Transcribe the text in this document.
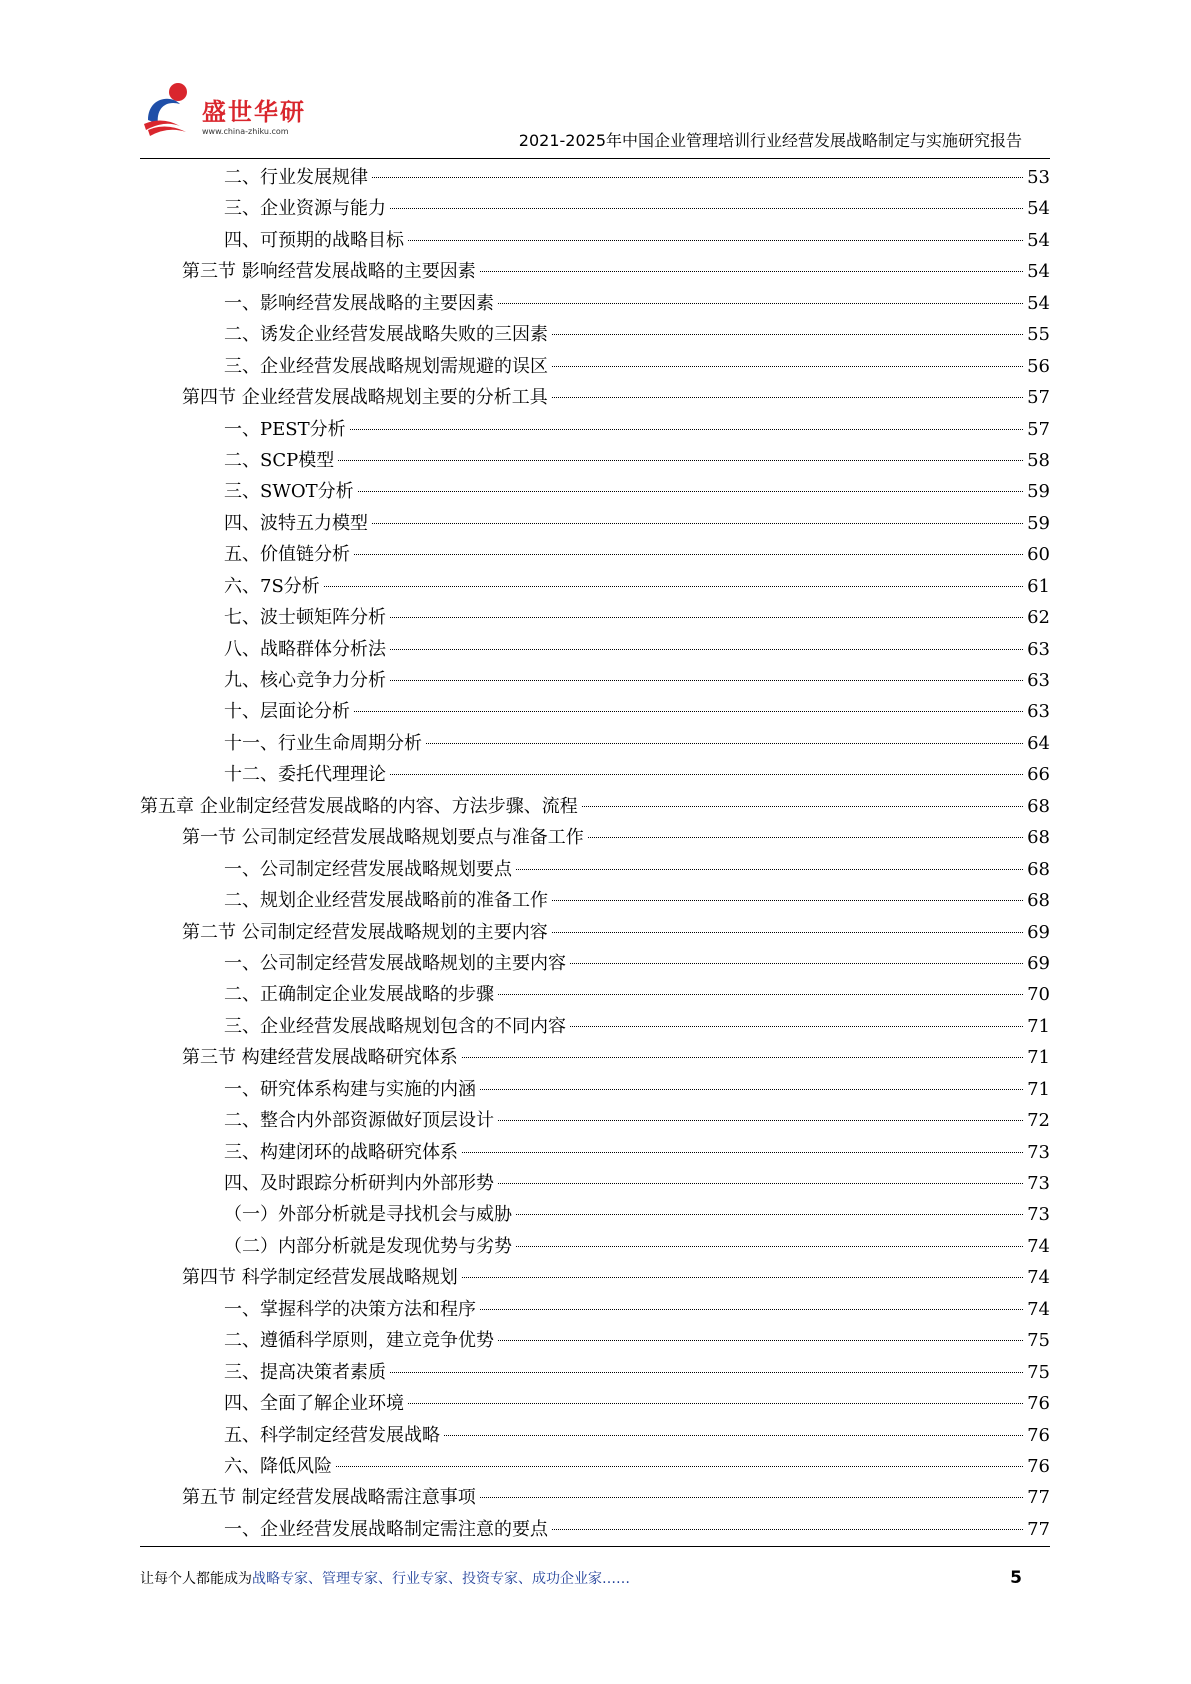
盛世华研
www.china-zhiku.com	2021-2025年中国企业管理培训行业经营发展战略制定与实施研究报告
二、行业发展规律	53
三、企业资源与能力	54
四、可预期的战略目标	54
第三节 影响经营发展战略的主要因素	54
一、影响经营发展战略的主要因素	54
二、诱发企业经营发展战略失败的三因素	55
三、企业经营发展战略规划需规避的误区	56
第四节 企业经营发展战略规划主要的分析工具	57
一、PEST分析	57
二、SCP模型	58
三、SWOT分析	59
四、波特五力模型	59
五、价值链分析	60
六、7S分析	61
七、波士顿矩阵分析	62
八、战略群体分析法	63
九、核心竞争力分析	63
十、层面论分析	63
十一、行业生命周期分析	64
十二、委托代理理论	66
第五章 企业制定经营发展战略的内容、方法步骤、流程	68
第一节 公司制定经营发展战略规划要点与准备工作	68
一、公司制定经营发展战略规划要点	68
二、规划企业经营发展战略前的准备工作	68
第二节 公司制定经营发展战略规划的主要内容	69
一、公司制定经营发展战略规划的主要内容	69
二、正确制定企业发展战略的步骤	70
三、企业经营发展战略规划包含的不同内容	71
第三节 构建经营发展战略研究体系	71
一、研究体系构建与实施的内涵	71
二、整合内外部资源做好顶层设计	72
三、构建闭环的战略研究体系	73
四、及时跟踪分析研判内外部形势	73
（一）外部分析就是寻找机会与威胁	73
（二）内部分析就是发现优势与劣势	74
第四节 科学制定经营发展战略规划	74
一、掌握科学的决策方法和程序	74
二、遵循科学原则，建立竞争优势	75
三、提高决策者素质	75
四、全面了解企业环境	76
五、科学制定经营发展战略	76
六、降低风险	76
第五节 制定经营发展战略需注意事项	77
一、企业经营发展战略制定需注意的要点	77
让每个人都能成为战略专家、管理专家、行业专家、投资专家、成功企业家……	5
